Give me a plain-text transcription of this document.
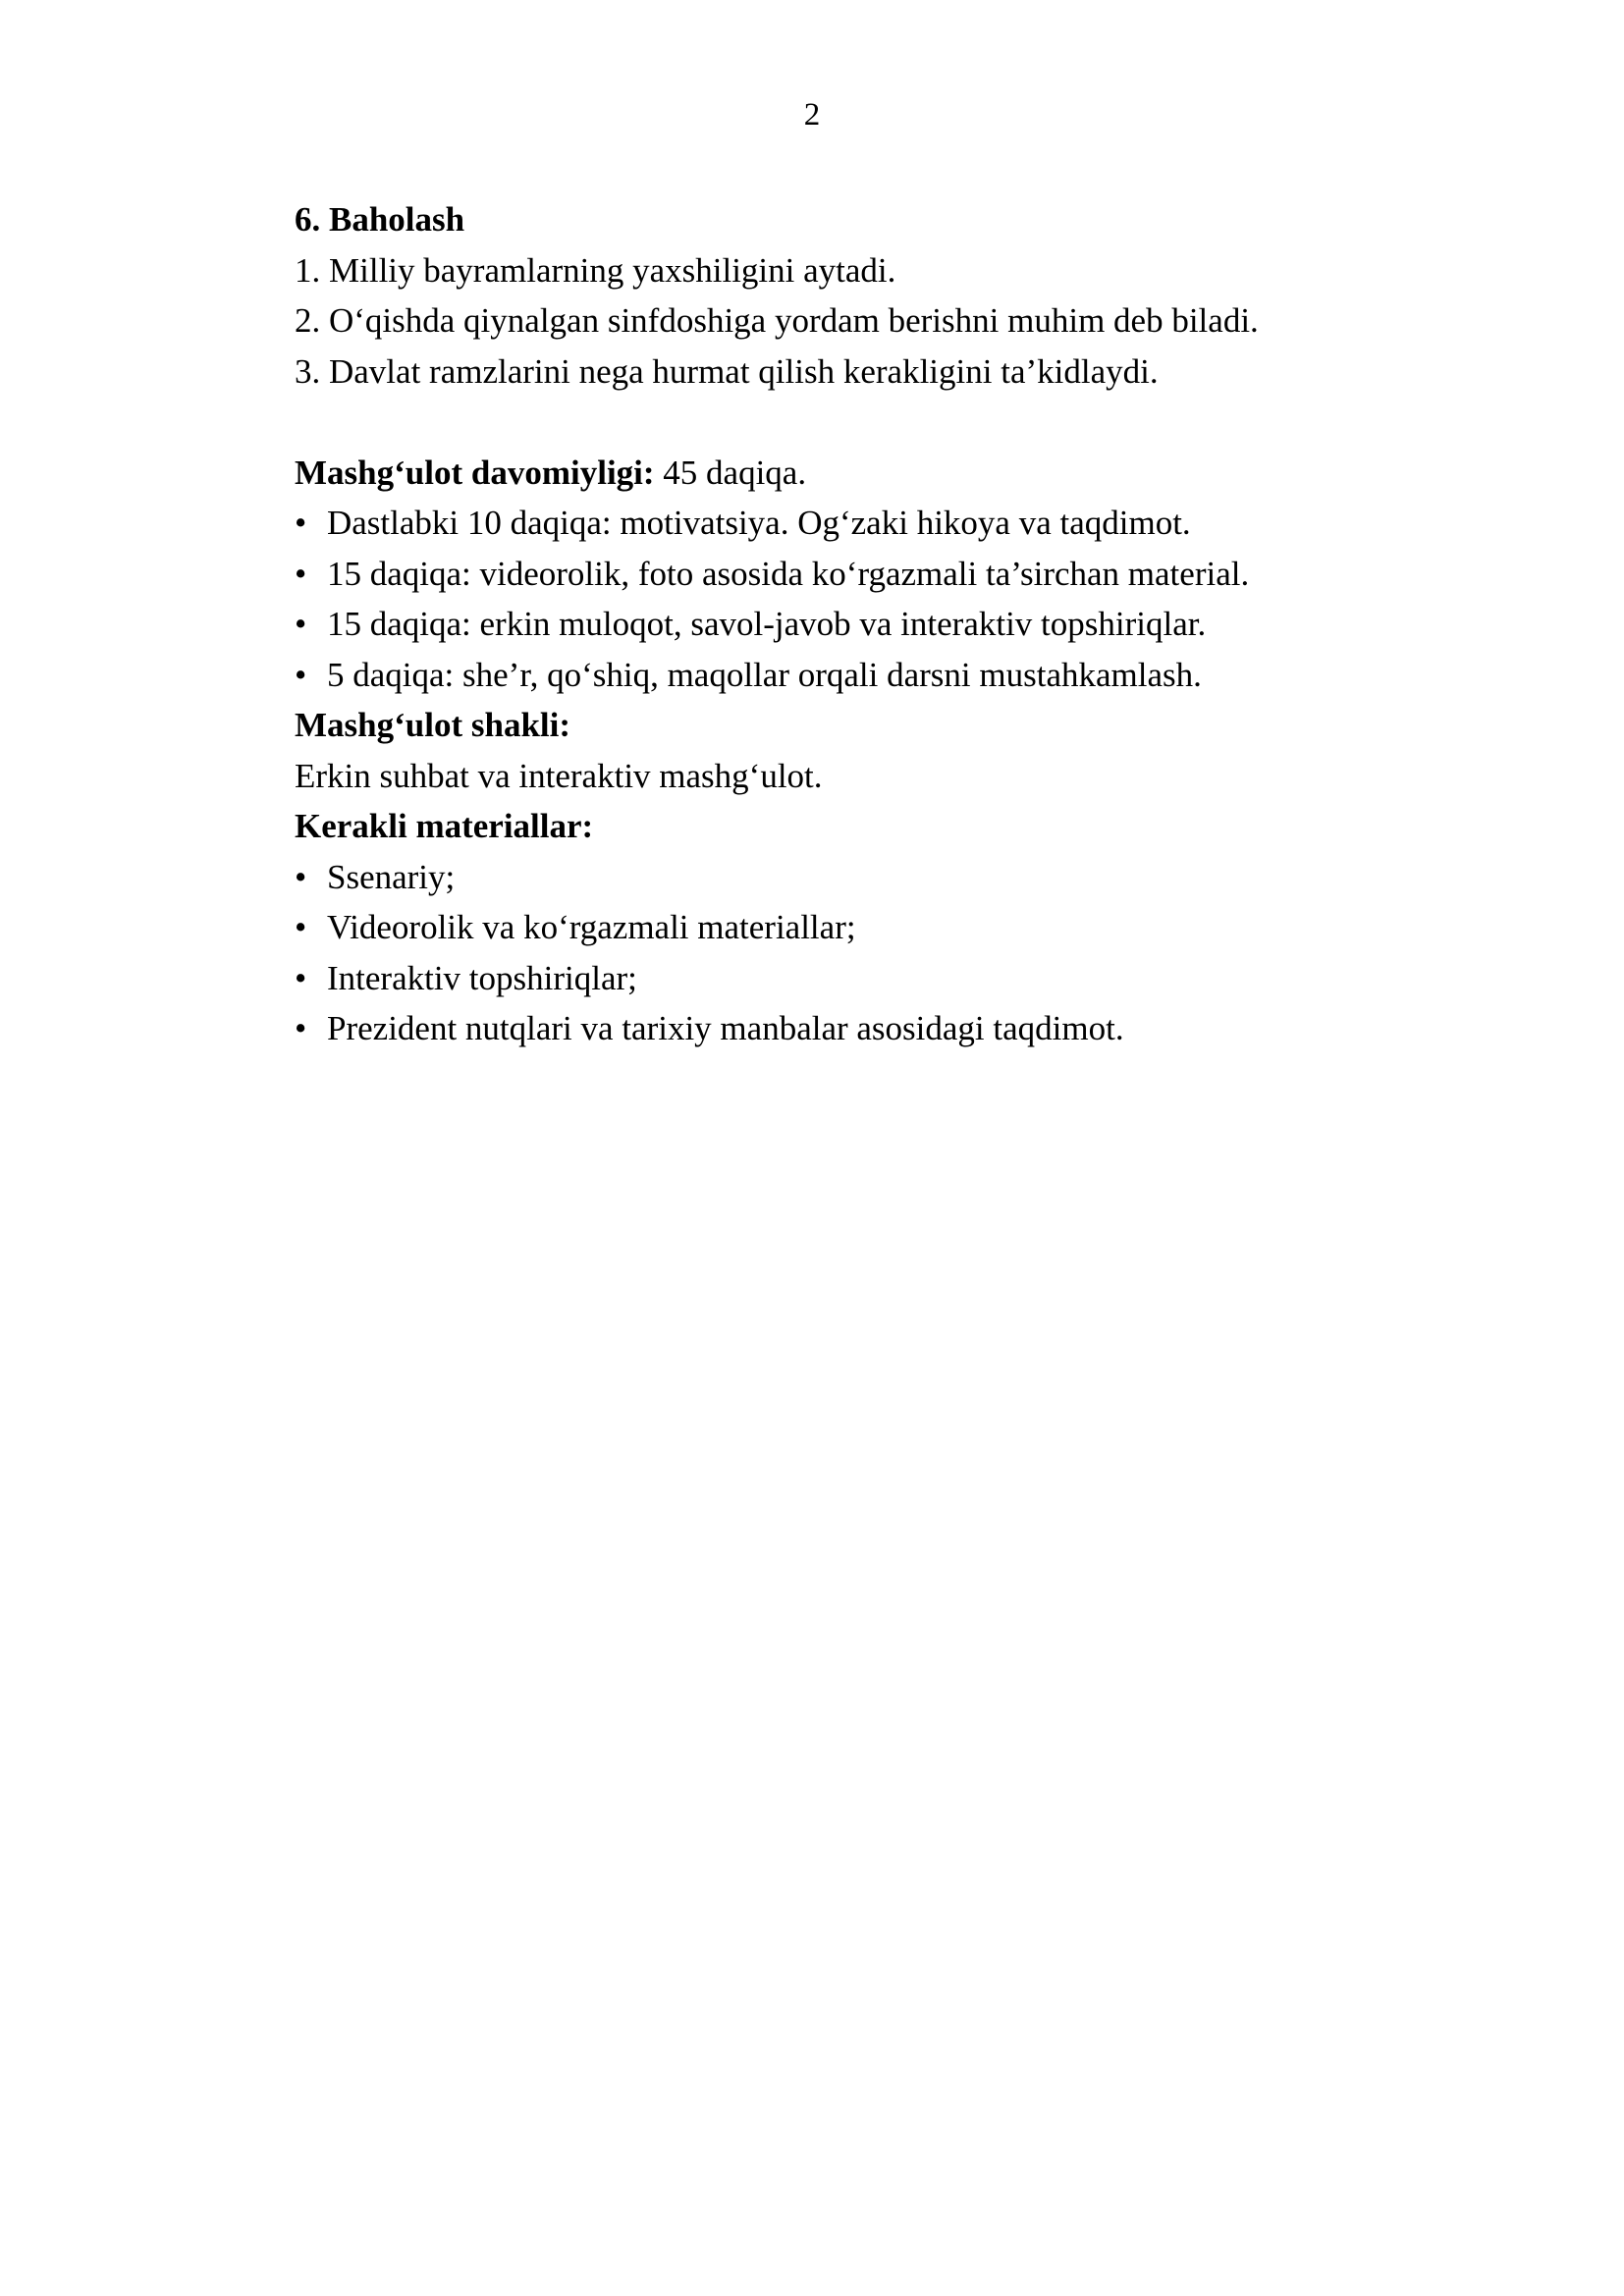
2

6. Baholash

1. Milliy bayramlarning yaxshiligini aytadi.

2. O‘qishda qiynalgan sinfdoshiga yordam berishni muhim deb biladi.

3. Davlat ramzlarini nega hurmat qilish kerakligini ta’kidlaydi.

Mashg‘ulot davomiyligi: 45 daqiqa.

• Dastlabki 10 daqiqa: motivatsiya. Og‘zaki hikoya va taqdimot.
• 15 daqiqa: videorolik, foto asosida ko‘rgazmali ta’sirchan material.
• 15 daqiqa: erkin muloqot, savol-javob va interaktiv topshiriqlar.
• 5 daqiqa: she’r, qo‘shiq, maqollar orqali darsni mustahkamlash.

Mashg‘ulot shakli:

Erkin suhbat va interaktiv mashg‘ulot.

Kerakli materiallar:

• Ssenariy;
• Videorolik va ko‘rgazmali materiallar;
• Interaktiv topshiriqlar;
• Prezident nutqlari va tarixiy manbalar asosidagi taqdimot.
